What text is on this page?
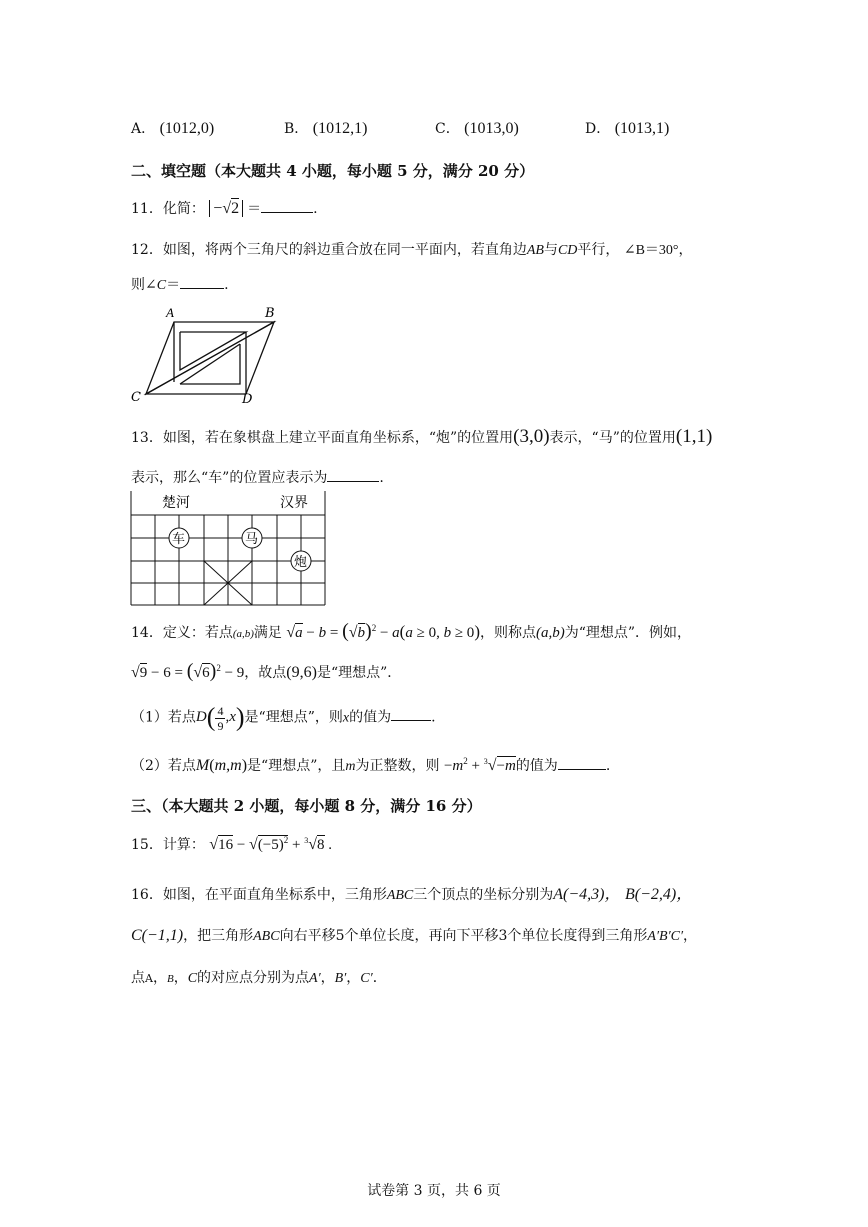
A． (1012,0)	B． (1012,1)	C． (1013,0)	D． (1013,1)
二、填空题（本大题共 4 小题，每小题 5 分，满分 20 分）
11．化简： −√2 ＝	.
12．如图，将两个三角尺的斜边重合放在同一平面内，若直角边AB与CD平行， ∠B＝30°，
则∠C＝	.
A	B
C	D
13．如图，若在象棋盘上建立平面直角坐标系，“炮”的位置用(3,0)表示，“马”的位置用(1,1)
表示，那么“车”的位置应表示为	.
楚河	汉界
车	马
炮
14．定义：若点(a,b)满足 $√a - b = (√b)^2 - a(a \ge 0$, b ≥ 0)，则称点(a,b)为“理想点”．例如，
$√9 - 6 = (√6)^2 - 9$，故点(9,6)是“理想点”．
（1）若点$D( \frac{4}{9} ,x)$是“理想点”，则x的值为	.
（2）若点M(m,m)是“理想点”，且m为正整数，则 $-m^2 + ^3√-m$的值为	.
三、（本大题共 2 小题，每小题 8 分，满分 16 分）
15．计算： $√16 - √(-5)^2 + ^3√8$ .
16．如图，在平面直角坐标系中，三角形ABC三个顶点的坐标分别为A(−4,3)， B(−2,4)，
C(−1,1)，把三角形ABC向右平移5个单位长度，再向下平移3个单位长度得到三角形A′B′C′，
点A，B，C的对应点分别为点A′，B′，C′．
试卷第 3 页，共 6 页
